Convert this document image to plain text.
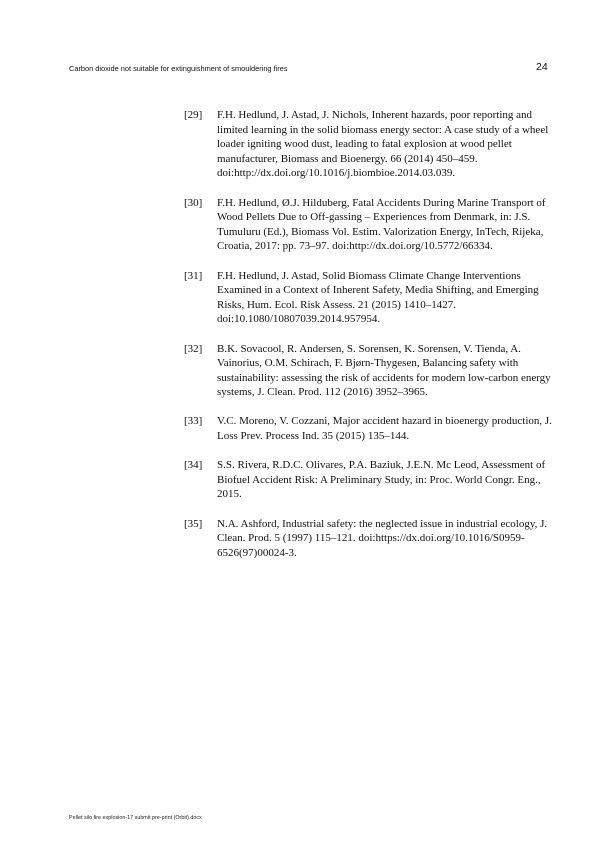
Carbon dioxide not suitable for extinguishment of smouldering fires	24
[29]	F.H. Hedlund, J. Astad, J. Nichols, Inherent hazards, poor reporting and limited learning in the solid biomass energy sector: A case study of a wheel loader igniting wood dust, leading to fatal explosion at wood pellet manufacturer, Biomass and Bioenergy. 66 (2014) 450–459. doi:http://dx.doi.org/10.1016/j.biombioe.2014.03.039.
[30]	F.H. Hedlund, Ø.J. Hilduberg, Fatal Accidents During Marine Transport of Wood Pellets Due to Off-gassing – Experiences from Denmark, in: J.S. Tumuluru (Ed.), Biomass Vol. Estim. Valorization Energy, InTech, Rijeka, Croatia, 2017: pp. 73–97. doi:http://dx.doi.org/10.5772/66334.
[31]	F.H. Hedlund, J. Astad, Solid Biomass Climate Change Interventions Examined in a Context of Inherent Safety, Media Shifting, and Emerging Risks, Hum. Ecol. Risk Assess. 21 (2015) 1410–1427. doi:10.1080/10807039.2014.957954.
[32]	B.K. Sovacool, R. Andersen, S. Sorensen, K. Sorensen, V. Tienda, A. Vainorius, O.M. Schirach, F. Bjørn-Thygesen, Balancing safety with sustainability: assessing the risk of accidents for modern low-carbon energy systems, J. Clean. Prod. 112 (2016) 3952–3965.
[33]	V.C. Moreno, V. Cozzani, Major accident hazard in bioenergy production, J. Loss Prev. Process Ind. 35 (2015) 135–144.
[34]	S.S. Rivera, R.D.C. Olivares, P.A. Baziuk, J.E.N. Mc Leod, Assessment of Biofuel Accident Risk: A Preliminary Study, in: Proc. World Congr. Eng., 2015.
[35]	N.A. Ashford, Industrial safety: the neglected issue in industrial ecology, J. Clean. Prod. 5 (1997) 115–121. doi:https://dx.doi.org/10.1016/S0959-6526(97)00024-3.
Pellet silo fire explosion-17 submit pre-print (Orbit).docx
